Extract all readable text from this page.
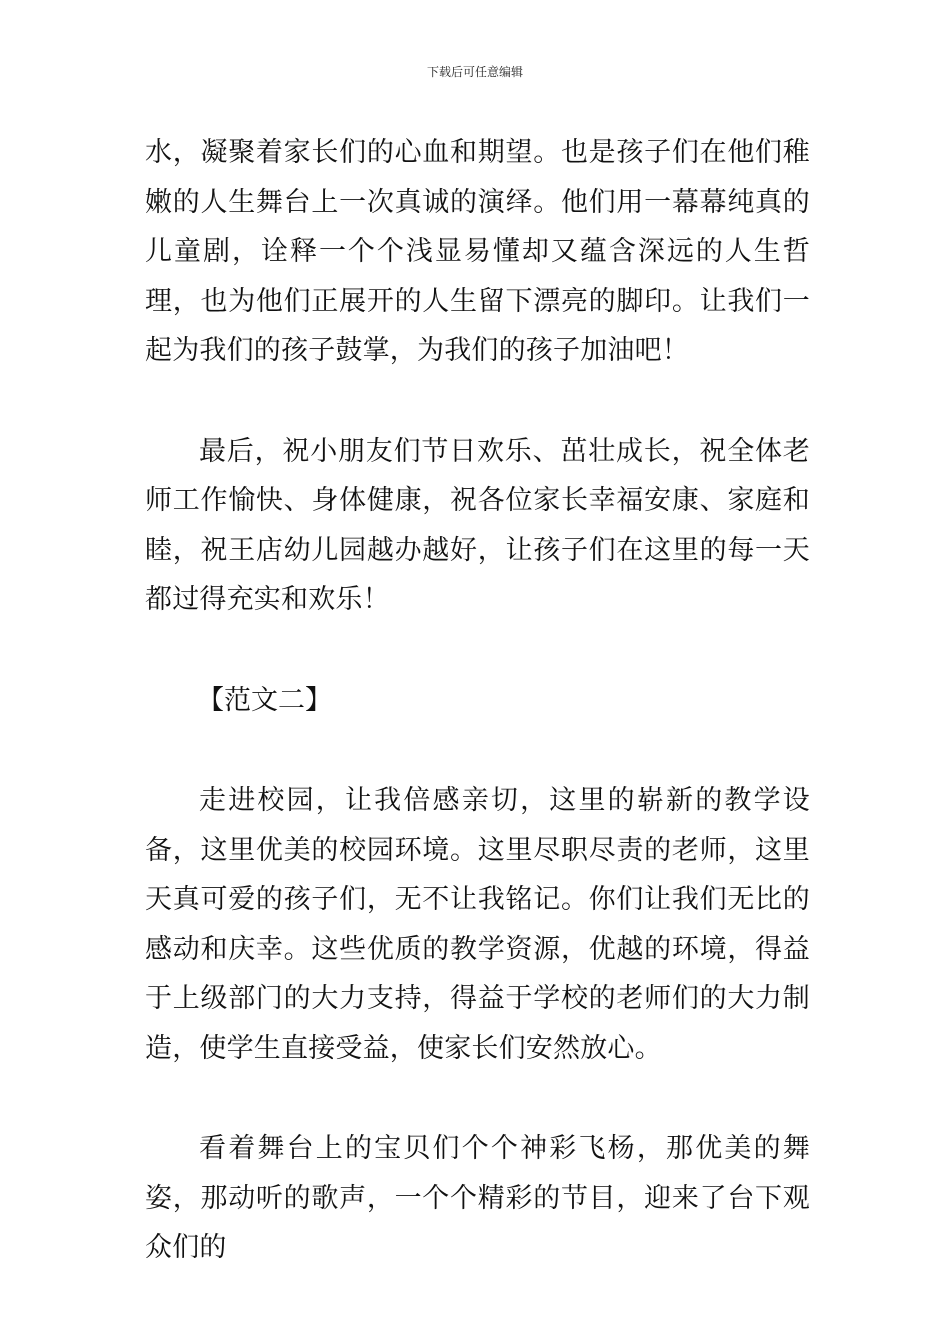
下载后可任意编辑

水，凝聚着家长们的心血和期望。也是孩子们在他们稚嫩的人生舞台上一次真诚的演绎。他们用一幕幕纯真的儿童剧，诠释一个个浅显易懂却又蕴含深远的人生哲理，也为他们正展开的人生留下漂亮的脚印。让我们一起为我们的孩子鼓掌，为我们的孩子加油吧！

最后，祝小朋友们节日欢乐、茁壮成长，祝全体老师工作愉快、身体健康，祝各位家长幸福安康、家庭和睦，祝王店幼儿园越办越好，让孩子们在这里的每一天都过得充实和欢乐！

【范文二】

走进校园，让我倍感亲切，这里的崭新的教学设备，这里优美的校园环境。这里尽职尽责的老师，这里天真可爱的孩子们，无不让我铭记。你们让我们无比的感动和庆幸。这些优质的教学资源，优越的环境，得益于上级部门的大力支持，得益于学校的老师们的大力制造，使学生直接受益，使家长们安然放心。

看着舞台上的宝贝们个个神彩飞杨，那优美的舞姿，那动听的歌声，一个个精彩的节目，迎来了台下观众们的
